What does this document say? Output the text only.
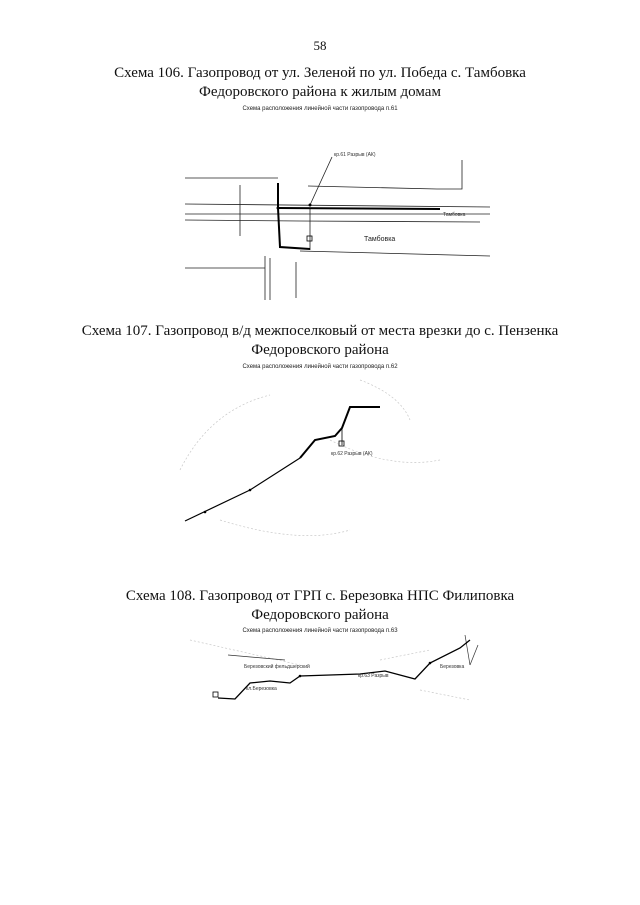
58
Схема 106. Газопровод от ул. Зеленой по ул. Победа с. Тамбовка
Федоровского района к жилым домам
Схема расположения линейной части газопровода п.61
кр.61 Разрыв (АК)
Тамбовка
Тамбовка
Схема 107. Газопровод в/д межпоселковый от места врезки до с. Пензенка
Федоровского района
Схема расположения линейной части газопровода п.62
кр.62 Разрыв (АК)
Схема 108. Газопровод от ГРП с. Березовка НПС Филиповка
Федоровского района
Схема расположения линейной части газопровода п.63
кр.63 Разрыв
Березовка
Березовский фельдшерский
кл.Березовка
